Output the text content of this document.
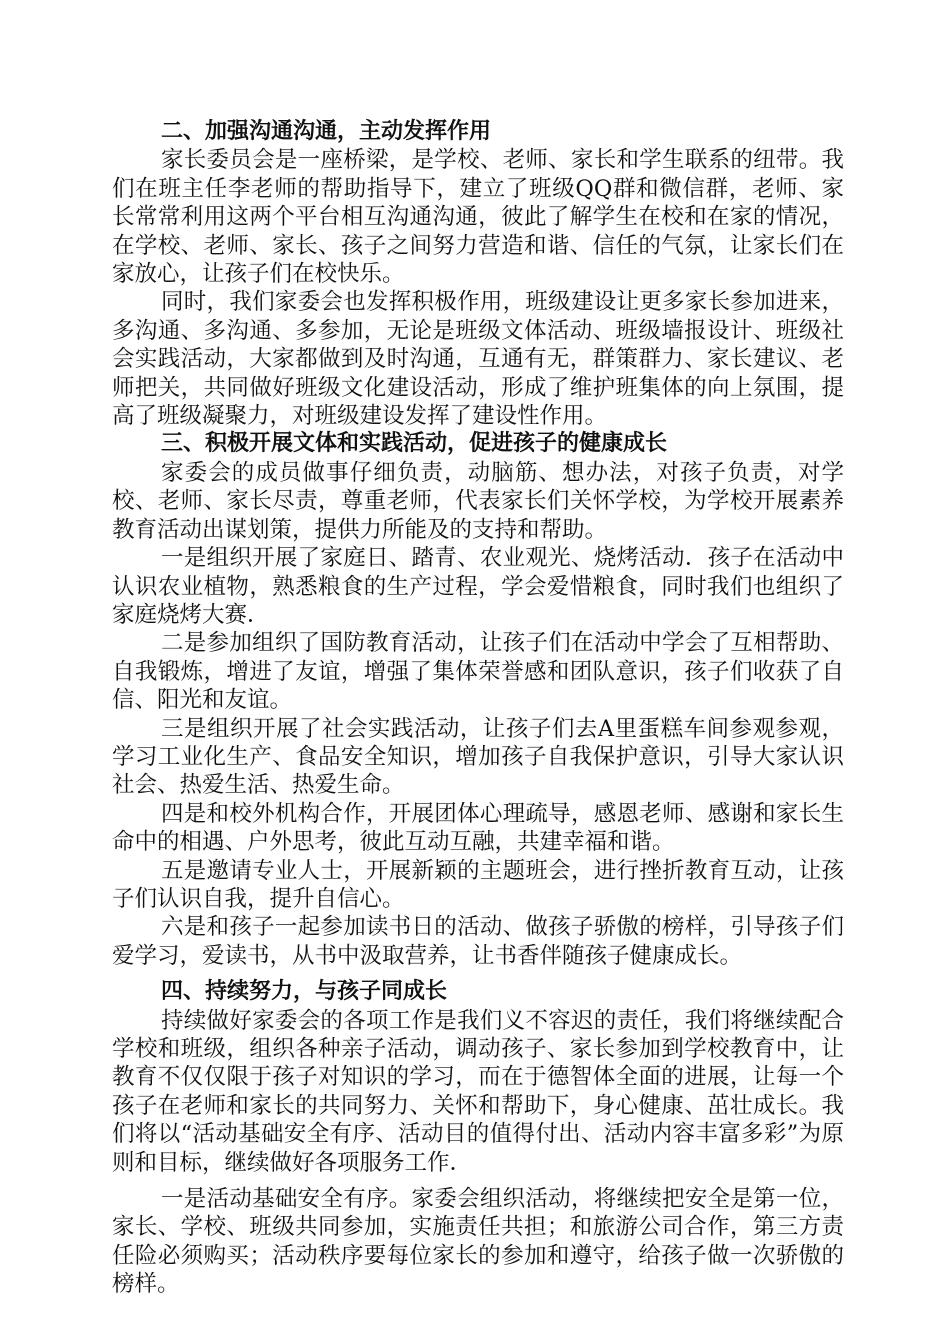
二、加强沟通沟通，主动发挥作用

家长委员会是一座桥梁，是学校、老师、家长和学生联系的纽带。我们在班主任李老师的帮助指导下，建立了班级QQ群和微信群，老师、家长常常利用这两个平台相互沟通沟通，彼此了解学生在校和在家的情况，在学校、老师、家长、孩子之间努力营造和谐、信任的气氛，让家长们在家放心，让孩子们在校快乐。

同时，我们家委会也发挥积极作用，班级建设让更多家长参加进来，多沟通、多沟通、多参加，无论是班级文体活动、班级墙报设计、班级社会实践活动，大家都做到及时沟通，互通有无，群策群力、家长建议、老师把关，共同做好班级文化建设活动，形成了维护班集体的向上氛围，提高了班级凝聚力，对班级建设发挥了建设性作用。

三、积极开展文体和实践活动，促进孩子的健康成长

家委会的成员做事仔细负责，动脑筋、想办法，对孩子负责，对学校、老师、家长尽责，尊重老师，代表家长们关怀学校，为学校开展素养教育活动出谋划策，提供力所能及的支持和帮助。

一是组织开展了家庭日、踏青、农业观光、烧烤活动．孩子在活动中认识农业植物，熟悉粮食的生产过程，学会爱惜粮食，同时我们也组织了家庭烧烤大赛．

二是参加组织了国防教育活动，让孩子们在活动中学会了互相帮助、自我锻炼，增进了友谊，增强了集体荣誉感和团队意识，孩子们收获了自信、阳光和友谊。

三是组织开展了社会实践活动，让孩子们去A里蛋糕车间参观参观，学习工业化生产、食品安全知识，增加孩子自我保护意识，引导大家认识社会、热爱生活、热爱生命。

四是和校外机构合作，开展团体心理疏导，感恩老师、感谢和家长生命中的相遇、户外思考，彼此互动互融，共建幸福和谐。

五是邀请专业人士，开展新颖的主题班会，进行挫折教育互动，让孩子们认识自我，提升自信心。

六是和孩子一起参加读书日的活动、做孩子骄傲的榜样，引导孩子们爱学习，爱读书，从书中汲取营养，让书香伴随孩子健康成长。

四、持续努力，与孩子同成长

持续做好家委会的各项工作是我们义不容迟的责任，我们将继续配合学校和班级，组织各种亲子活动，调动孩子、家长参加到学校教育中，让教育不仅仅限于孩子对知识的学习，而在于德智体全面的进展，让每一个孩子在老师和家长的共同努力、关怀和帮助下，身心健康、茁壮成长。我们将以“活动基础安全有序、活动目的值得付出、活动内容丰富多彩”为原则和目标，继续做好各项服务工作．

一是活动基础安全有序。家委会组织活动，将继续把安全是第一位，家长、学校、班级共同参加，实施责任共担；和旅游公司合作，第三方责任险必须购买；活动秩序要每位家长的参加和遵守，给孩子做一次骄傲的榜样。
